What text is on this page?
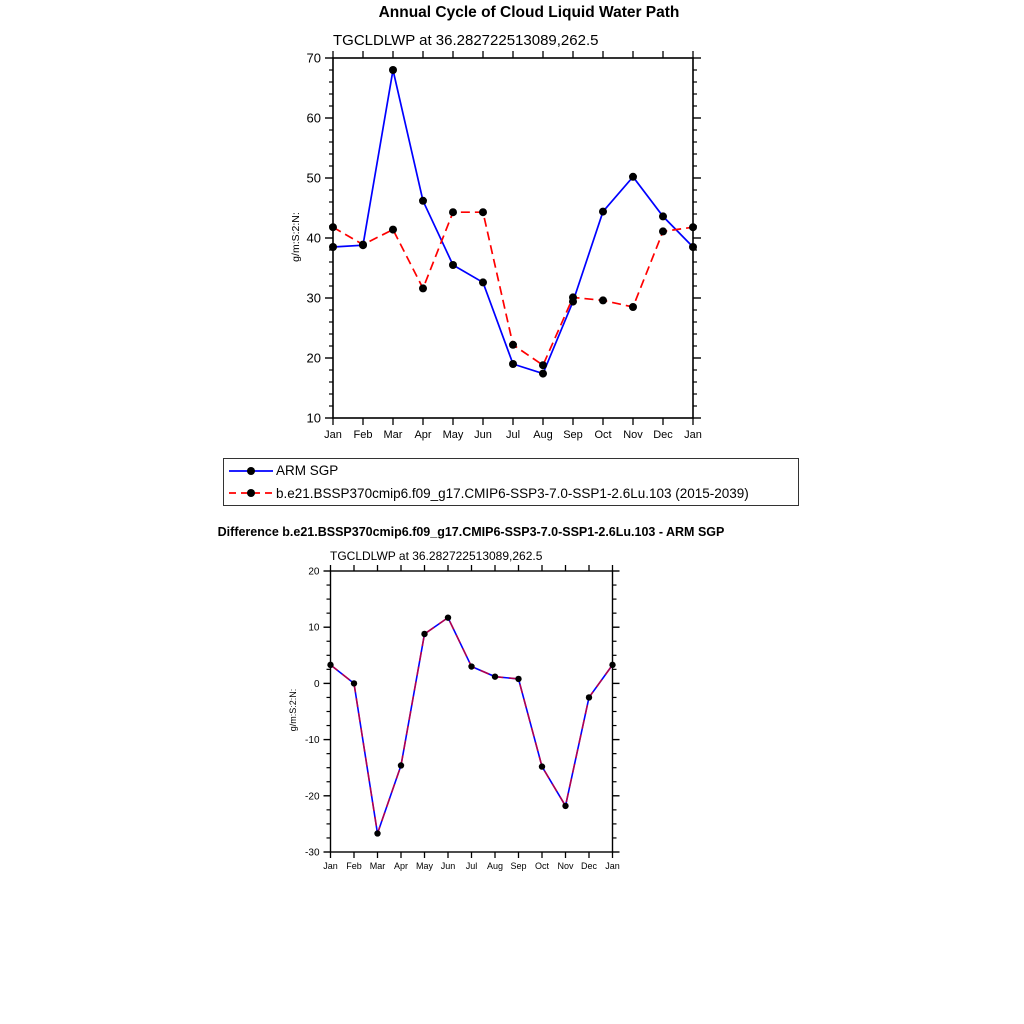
10
20
30
40
50
60
70
Jan Feb Mar Apr May Jun Jul Aug Sep Oct Nov Dec Jan
-30
-20
-10
0
10
20
Jan Feb Mar Apr May Jun Jul Aug Sep Oct Nov Dec Jan
Annual Cycle of Cloud Liquid Water Path
TGCLDLWP at 36.282722513089,262.5
g/m:S:2:N:
ARM SGP
b.e21.BSSP370cmip6.f09_g17.CMIP6-SSP3-7.0-SSP1-2.6Lu.103 (2015-2039)
Difference b.e21.BSSP370cmip6.f09_g17.CMIP6-SSP3-7.0-SSP1-2.6Lu.103 - ARM SGP
TGCLDLWP at 36.282722513089,262.5
g/m:S:2:N:
